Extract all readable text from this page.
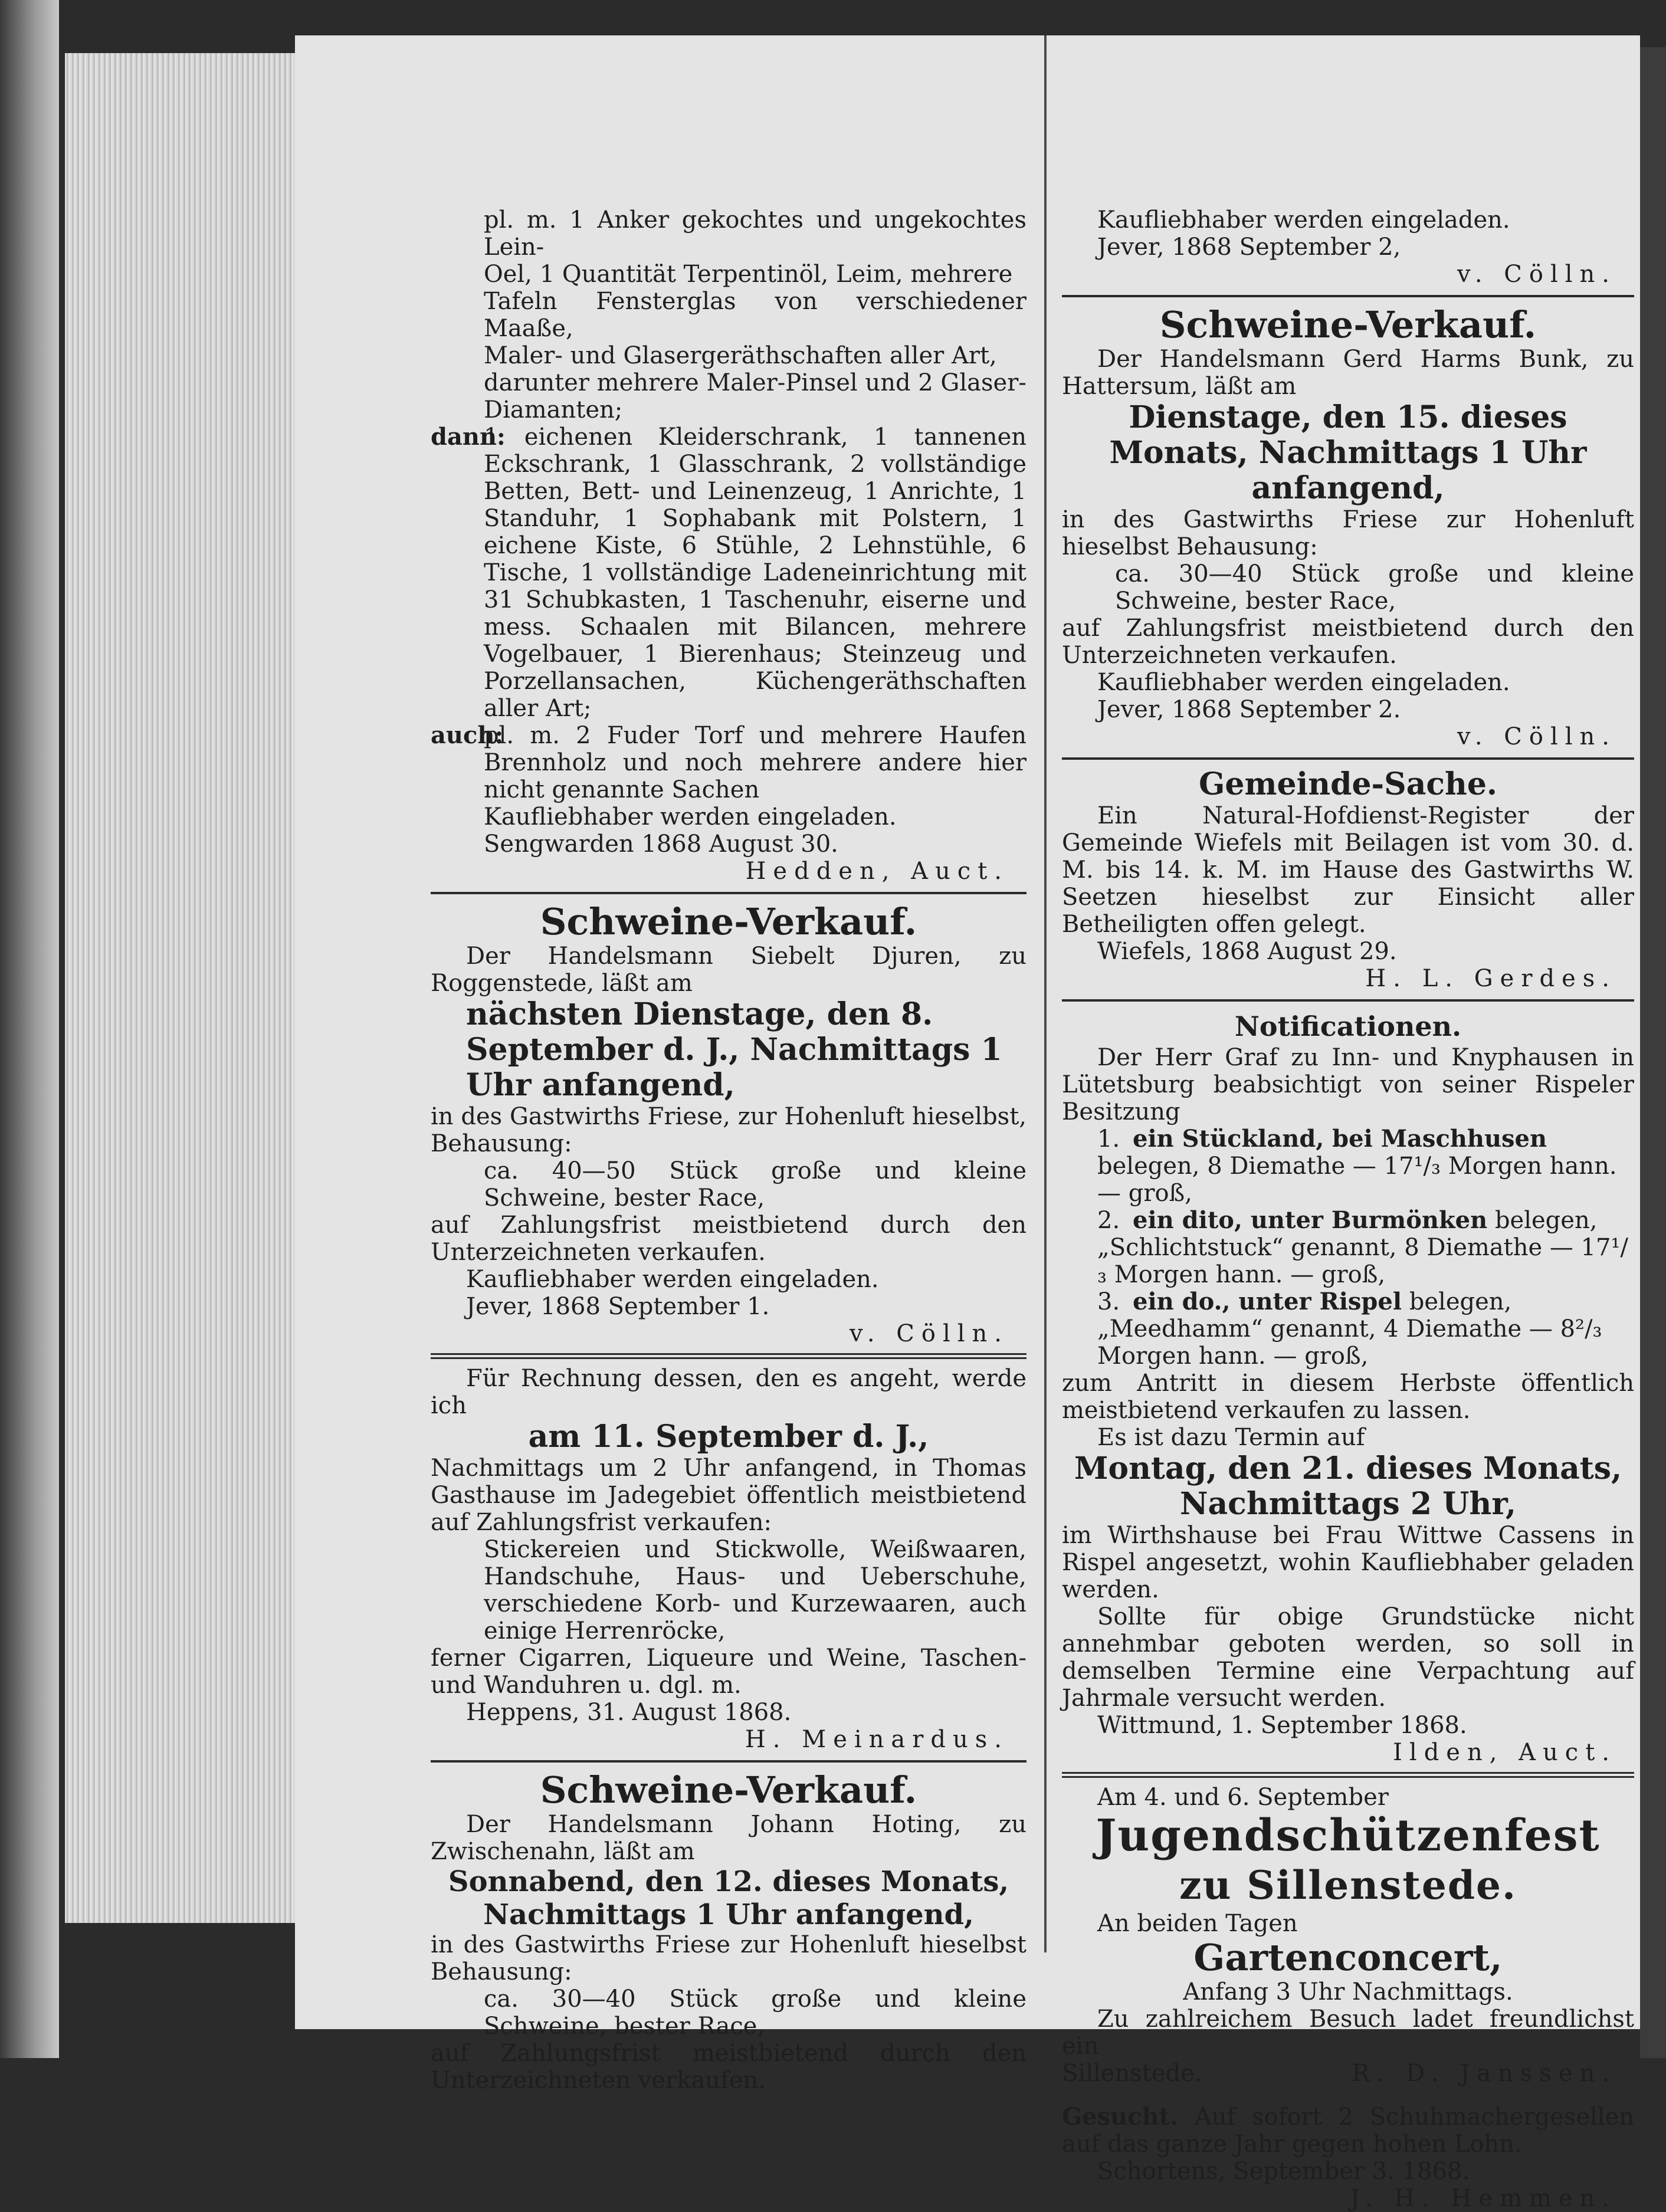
pl. m. 1 Anker gekochtes und ungekochtes Lein-

Oel, 1 Quantität Terpentinöl, Leim, mehrere

Tafeln Fensterglas von verschiedener Maaße,

Maler- und Glasergeräthschaften aller Art,

darunter mehrere Maler-Pinsel und 2 Glaser-

Diamanten;

dann:

1 eichenen Kleiderschrank, 1 tannenen Eckschrank, 1 Glasschrank, 2 vollständige Betten, Bett- und Leinenzeug, 1 Anrichte, 1 Standuhr, 1 Sophabank mit Polstern, 1 eichene Kiste, 6 Stühle, 2 Lehnstühle, 6 Tische, 1 vollständige Ladeneinrichtung mit 31 Schubkasten, 1 Taschenuhr, eiserne und mess. Schaalen mit Bilancen, mehrere Vogelbauer, 1 Bierenhaus; Steinzeug und Porzellansachen, Küchengeräthschaften aller Art;

auch:

pl. m. 2 Fuder Torf und mehrere Haufen Brennholz und noch mehrere andere hier nicht genannte Sachen

Kaufliebhaber werden eingeladen.

Sengwarden 1868 August 30.

Hedden, Auct.

Schweine-Verkauf.

Der Handelsmann Siebelt Djuren, zu Roggenstede, läßt am

nächsten Dienstage, den 8. September d. J., Nachmittags 1 Uhr anfangend,

in des Gastwirths Friese, zur Hohenluft hieselbst, Behausung:

ca. 40—50 Stück große und kleine Schweine, bester Race,

auf Zahlungsfrist meistbietend durch den Unterzeichneten verkaufen.

Kaufliebhaber werden eingeladen.

Jever, 1868 September 1.

v. Cölln.

Für Rechnung dessen, den es angeht, werde ich

am 11. September d. J.,

Nachmittags um 2 Uhr anfangend, in Thomas Gasthause im Jadegebiet öffentlich meistbietend auf Zahlungsfrist verkaufen:

Stickereien und Stickwolle, Weißwaaren, Handschuhe, Haus- und Ueberschuhe, verschiedene Korb- und Kurzewaaren, auch einige Herrenröcke,

ferner Cigarren, Liqueure und Weine, Taschen- und Wanduhren u. dgl. m.

Heppens, 31. August 1868.

H. Meinardus.

Schweine-Verkauf.

Der Handelsmann Johann Hoting, zu Zwischenahn, läßt am

Sonnabend, den 12. dieses Monats, Nachmittags 1 Uhr anfangend,

in des Gastwirths Friese zur Hohenluft hieselbst Behausung:

ca. 30—40 Stück große und kleine Schweine, bester Race,

auf Zahlungsfrist meistbietend durch den Unterzeichneten verkaufen.

Kaufliebhaber werden eingeladen.

Jever, 1868 September 2,

v. Cölln.

Schweine-Verkauf.

Der Handelsmann Gerd Harms Bunk, zu Hattersum, läßt am

Dienstage, den 15. dieses Monats, Nachmittags 1 Uhr anfangend,

in des Gastwirths Friese zur Hohenluft hieselbst Behausung:

ca. 30—40 Stück große und kleine Schweine, bester Race,

auf Zahlungsfrist meistbietend durch den Unterzeichneten verkaufen.

Kaufliebhaber werden eingeladen.

Jever, 1868 September 2.

v. Cölln.

Gemeinde-Sache.

Ein Natural-Hofdienst-Register der Gemeinde Wiefels mit Beilagen ist vom 30. d. M. bis 14. k. M. im Hause des Gastwirths W. Seetzen hieselbst zur Einsicht aller Betheiligten offen gelegt.

Wiefels, 1868 August 29.

H. L. Gerdes.

Notificationen.

Der Herr Graf zu Inn- und Knyphausen in Lütetsburg beabsichtigt von seiner Rispeler Besitzung

1. ein Stückland, bei Maschhusen belegen, 8 Diemathe — 17¹/₃ Morgen hann. — groß,

2. ein dito, unter Burmönken belegen, „Schlichtstuck“ genannt, 8 Diemathe — 17¹/₃ Morgen hann. — groß,

3. ein do., unter Rispel belegen, „Meedhamm“ genannt, 4 Diemathe — 8²/₃ Morgen hann. — groß,

zum Antritt in diesem Herbste öffentlich meistbietend verkaufen zu lassen.

Es ist dazu Termin auf

Montag, den 21. dieses Monats, Nachmittags 2 Uhr,

im Wirthshause bei Frau Wittwe Cassens in Rispel angesetzt, wohin Kaufliebhaber geladen werden.

Sollte für obige Grundstücke nicht annehmbar geboten werden, so soll in demselben Termine eine Verpachtung auf Jahrmale versucht werden.

Wittmund, 1. September 1868.

Ilden, Auct.

Am 4. und 6. September

Jugendschützenfest

zu Sillenstede.

An beiden Tagen

Gartenconcert,

Anfang 3 Uhr Nachmittags.

Zu zahlreichem Besuch ladet freundlichst ein

Sillenstede.	R. D. Janssen.

Gesucht. Auf sofort 2 Schuhmachergesellen auf das ganze Jahr gegen hohen Lohn.

Schortens, September 3. 1868.

J. H. Hemmen.
